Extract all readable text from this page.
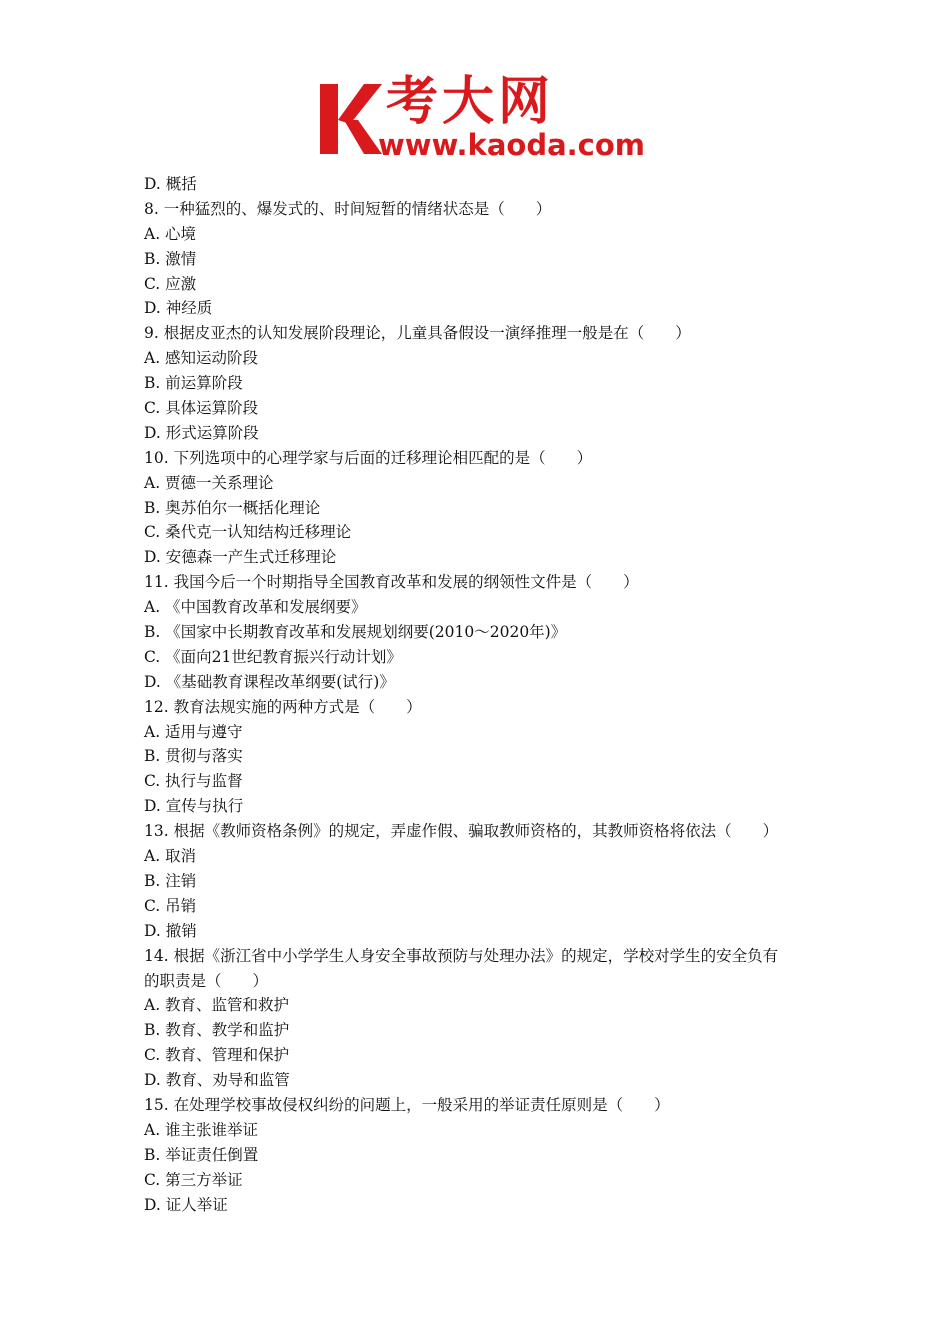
考大网
www.kaoda.com
D. 概括
8. 一种猛烈的、爆发式的、时间短暂的情绪状态是（　　）
A. 心境
B. 激情
C. 应激
D. 神经质
9. 根据皮亚杰的认知发展阶段理论，儿童具备假设一演绎推理一般是在（　　）
A. 感知运动阶段
B. 前运算阶段
C. 具体运算阶段
D. 形式运算阶段
10. 下列选项中的心理学家与后面的迁移理论相匹配的是（　　）
A. 贾德一关系理论
B. 奥苏伯尔一概括化理论
C. 桑代克一认知结构迁移理论
D. 安德森一产生式迁移理论
11. 我国今后一个时期指导全国教育改革和发展的纲领性文件是（　　）
A. 《中国教育改革和发展纲要》
B. 《国家中长期教育改革和发展规划纲要(2010～2020年)》
C. 《面向21世纪教育振兴行动计划》
D. 《基础教育课程改革纲要(试行)》
12. 教育法规实施的两种方式是（　　）
A. 适用与遵守
B. 贯彻与落实
C. 执行与监督
D. 宣传与执行
13. 根据《教师资格条例》的规定，弄虚作假、骗取教师资格的，其教师资格将依法（　　）
A. 取消
B. 注销
C. 吊销
D. 撤销
14. 根据《浙江省中小学学生人身安全事故预防与处理办法》的规定，学校对学生的安全负有
的职责是（　　）
A. 教育、监管和救护
B. 教育、教学和监护
C. 教育、管理和保护
D. 教育、劝导和监管
15. 在处理学校事故侵权纠纷的问题上，一般采用的举证责任原则是（　　）
A. 谁主张谁举证
B. 举证责任倒置
C. 第三方举证
D. 证人举证
